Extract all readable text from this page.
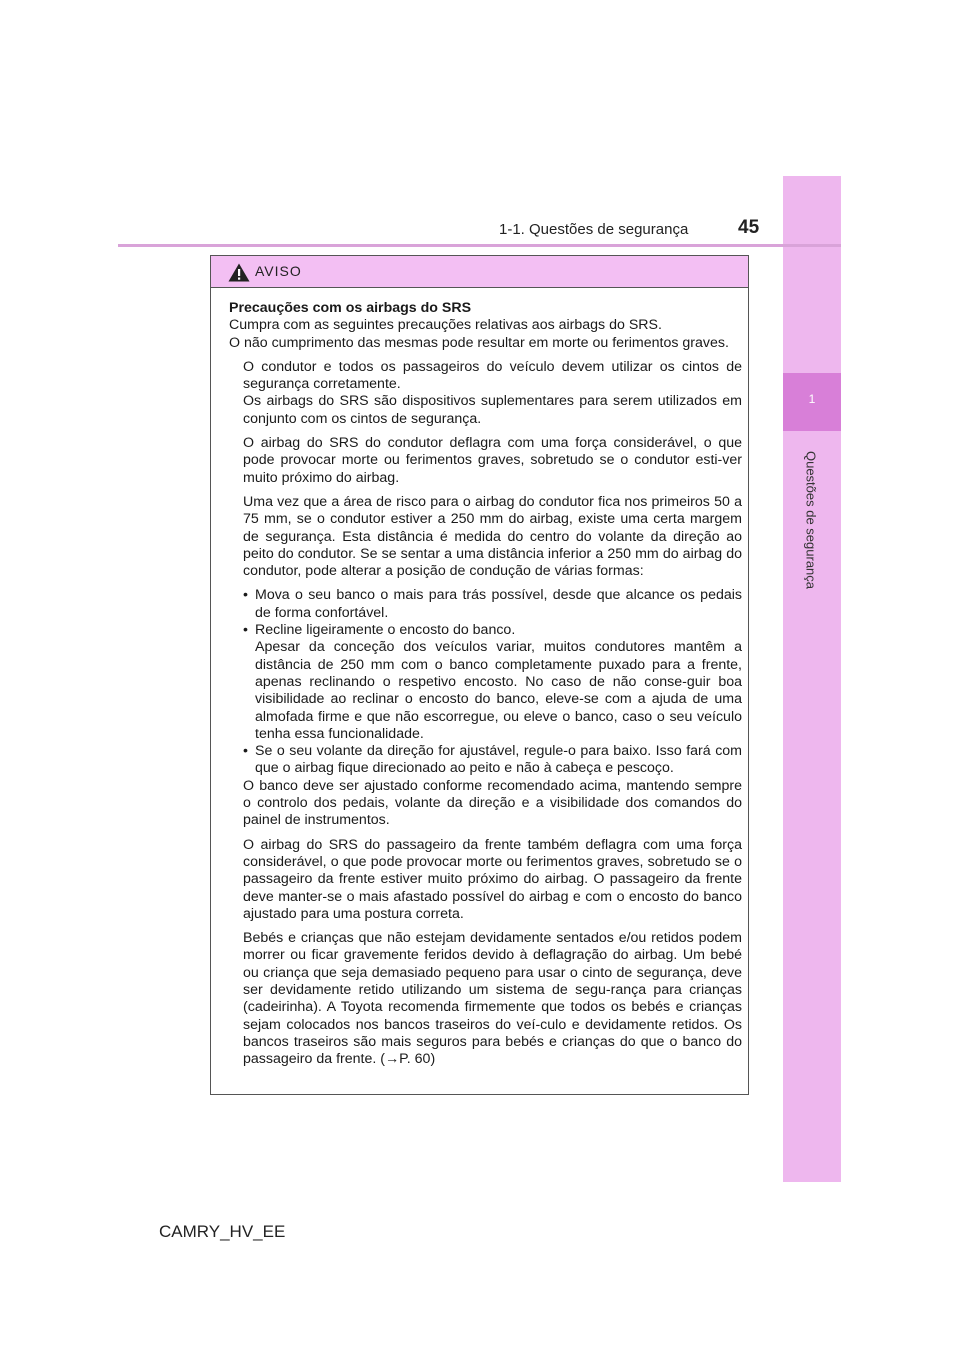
1
Questões de segurança
1-1. Questões de segurança	45
AVISO

Precauções com os airbags do SRS

Cumpra com as seguintes precauções relativas aos airbags do SRS.

O não cumprimento das mesmas pode resultar em morte ou ferimentos graves.

O condutor e todos os passageiros do veículo devem utilizar os cintos de segurança corretamente.

Os airbags do SRS são dispositivos suplementares para serem utilizados em conjunto com os cintos de segurança.

O airbag do SRS do condutor deflagra com uma força considerável, o que pode provocar morte ou ferimentos graves, sobretudo se o condutor esti-ver muito próximo do airbag.

Uma vez que a área de risco para o airbag do condutor fica nos primeiros 50 a 75 mm, se o condutor estiver a 250 mm do airbag, existe uma certa margem de segurança. Esta distância é medida do centro do volante da direção ao peito do condutor. Se se sentar a uma distância inferior a 250 mm do airbag do condutor, pode alterar a posição de condução de várias formas:

• Mova o seu banco o mais para trás possível, desde que alcance os pedais de forma confortável.
• Recline ligeiramente o encosto do banco.
Apesar da conceção dos veículos variar, muitos condutores mantêm a distância de 250 mm com o banco completamente puxado para a frente, apenas reclinando o respetivo encosto. No caso de não conse-guir boa visibilidade ao reclinar o encosto do banco, eleve-se com a ajuda de uma almofada firme e que não escorregue, ou eleve o banco, caso o seu veículo tenha essa funcionalidade.
• Se o seu volante da direção for ajustável, regule-o para baixo. Isso fará com que o airbag fique direcionado ao peito e não à cabeça e pescoço.

O banco deve ser ajustado conforme recomendado acima, mantendo sempre o controlo dos pedais, volante da direção e a visibilidade dos comandos do painel de instrumentos.

O airbag do SRS do passageiro da frente também deflagra com uma força considerável, o que pode provocar morte ou ferimentos graves, sobretudo se o passageiro da frente estiver muito próximo do airbag. O passageiro da frente deve manter-se o mais afastado possível do airbag e com o encosto do banco ajustado para uma postura correta.

Bebés e crianças que não estejam devidamente sentados e/ou retidos podem morrer ou ficar gravemente feridos devido à deflagração do airbag. Um bebé ou criança que seja demasiado pequeno para usar o cinto de segurança, deve ser devidamente retido utilizando um sistema de segu-rança para crianças (cadeirinha). A Toyota recomenda firmemente que todos os bebés e crianças sejam colocados nos bancos traseiros do veí-culo e devidamente retidos. Os bancos traseiros são mais seguros para bebés e crianças do que o banco do passageiro da frente. (→P. 60)

CAMRY_HV_EE
